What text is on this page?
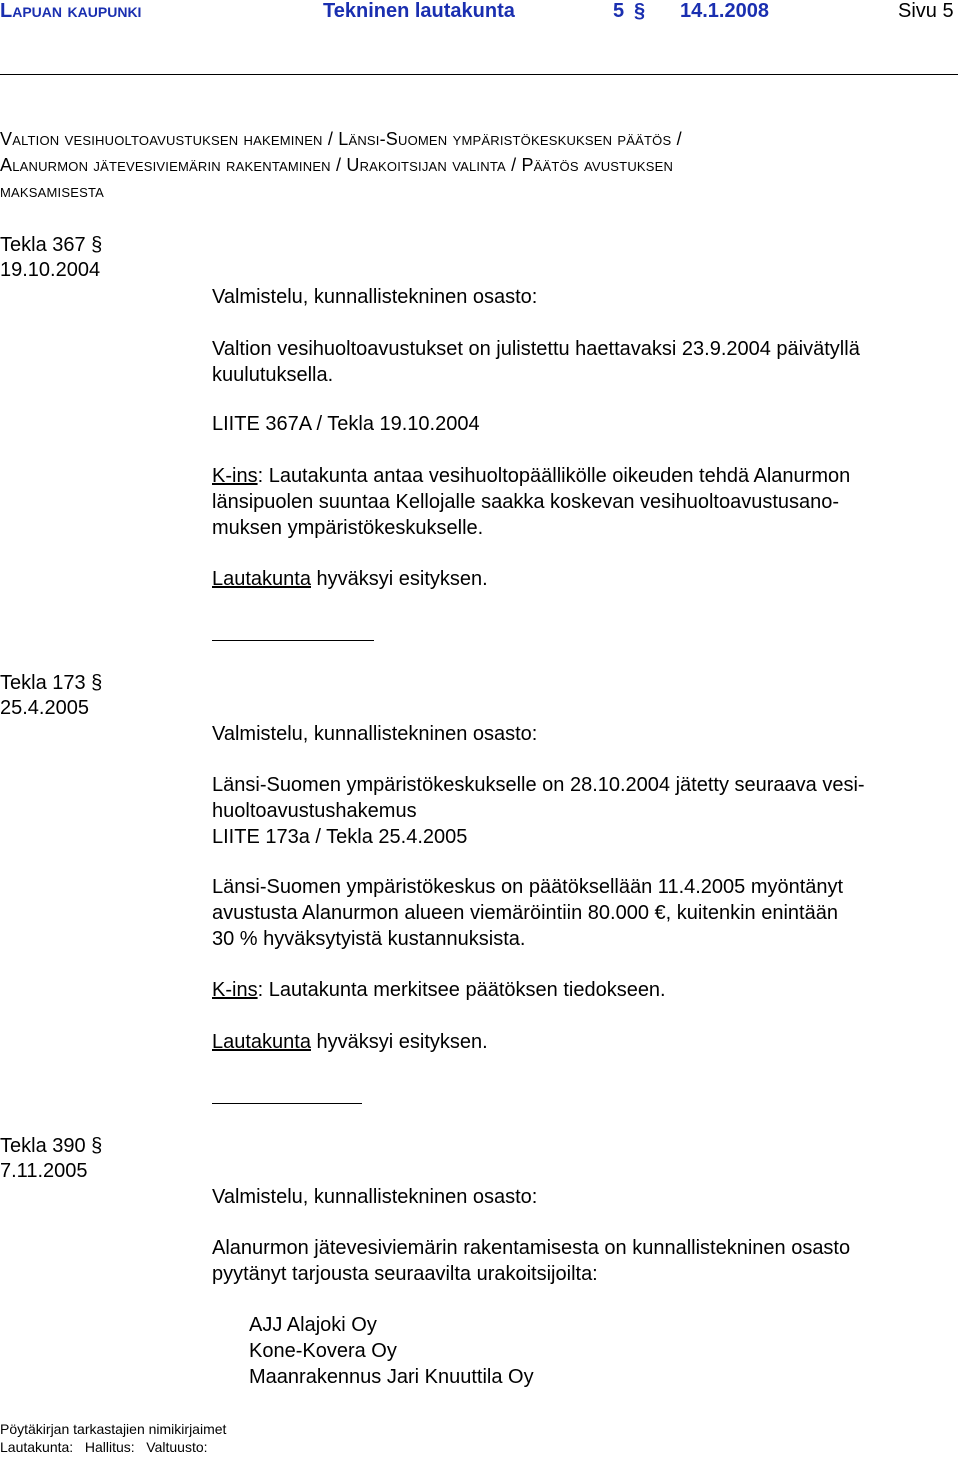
Lapuan kaupunki	Tekninen lautakunta	5 § 14.1.2008	Sivu 5
Valtion vesihuoltoavustuksen hakeminen / Länsi-Suomen ympäristökeskuksen päätös /
Alanurmon jätevesiviemärin rakentaminen / Urakoitsijan valinta / Päätös avustuksen
maksamisesta
Tekla 367 §
19.10.2004
Valmistelu, kunnallistekninen osasto:
Valtion vesihuoltoavustukset on julistettu haettavaksi 23.9.2004 päivätyllä
kuulutuksella.
LIITE 367A / Tekla 19.10.2004
K-ins: Lautakunta antaa vesihuoltopäällikölle oikeuden tehdä Alanurmon
länsipuolen suuntaa Kellojalle saakka koskevan vesihuoltoavustusano-
muksen ympäristökeskukselle.
Lautakunta hyväksyi esityksen.
Tekla 173 §
25.4.2005
Valmistelu, kunnallistekninen osasto:
Länsi-Suomen ympäristökeskukselle on 28.10.2004 jätetty seuraava vesi-
huoltoavustushakemus
LIITE 173a / Tekla 25.4.2005
Länsi-Suomen ympäristökeskus on päätöksellään 11.4.2005 myöntänyt
avustusta Alanurmon alueen viemäröintiin 80.000 €, kuitenkin enintään
30 % hyväksytyistä kustannuksista.
K-ins: Lautakunta merkitsee päätöksen tiedokseen.
Lautakunta hyväksyi esityksen.
Tekla 390 §
7.11.2005
Valmistelu, kunnallistekninen osasto:
Alanurmon jätevesiviemärin rakentamisesta on kunnallistekninen osasto
pyytänyt tarjousta seuraavilta urakoitsijoilta:
AJJ Alajoki Oy
Kone-Kovera Oy
Maanrakennus Jari Knuuttila Oy
Pöytäkirjan tarkastajien nimikirjaimet
Lautakunta:   Hallitus:   Valtuusto:
